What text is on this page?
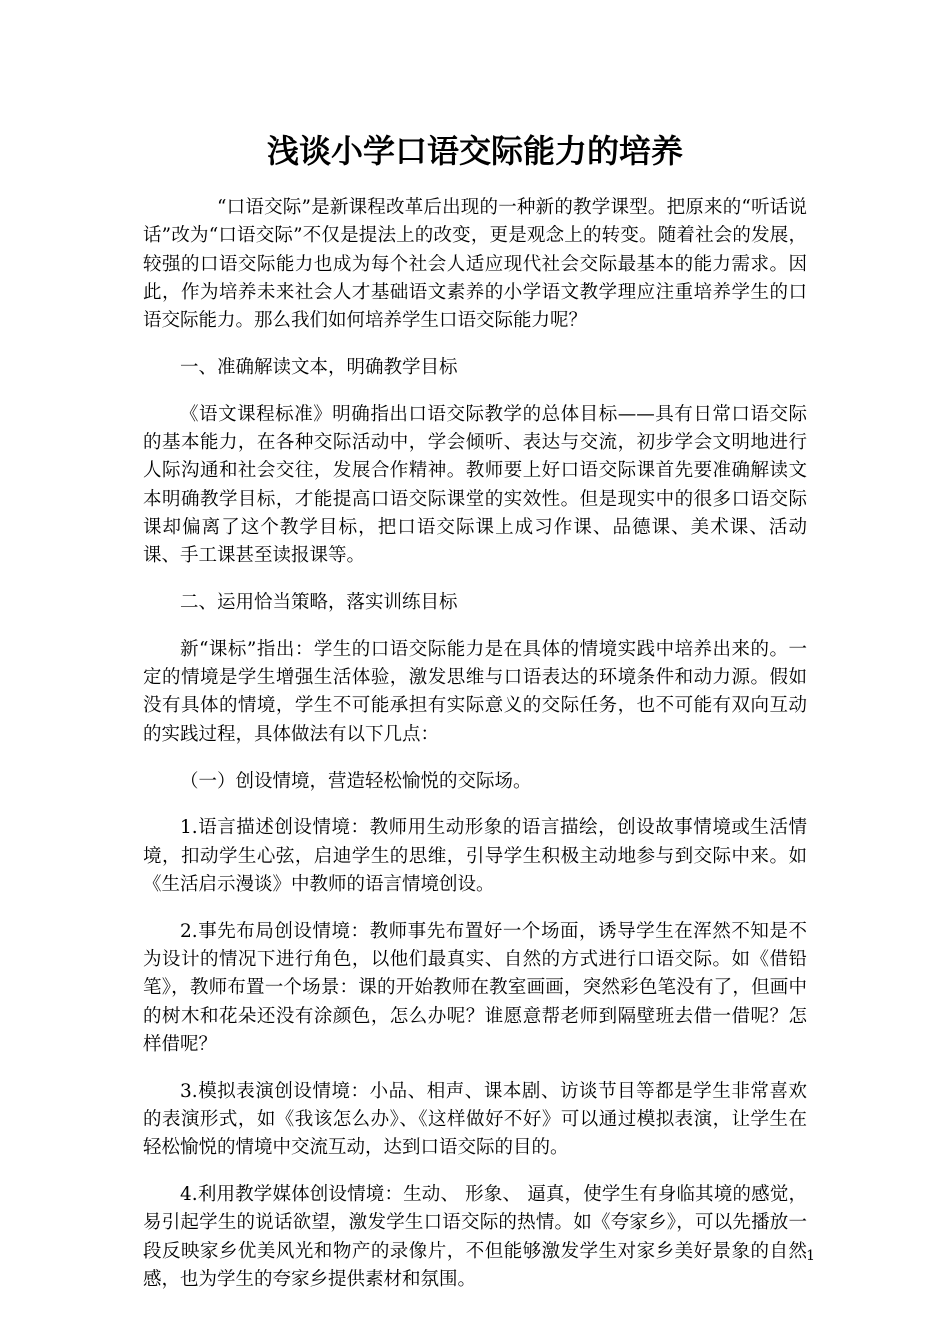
浅谈小学口语交际能力的培养

“口语交际”是新课程改革后出现的一种新的教学课型。把原来的“听话说话”改为“口语交际”不仅是提法上的改变，更是观念上的转变。随着社会的发展，较强的口语交际能力也成为每个社会人适应现代社会交际最基本的能力需求。因此，作为培养未来社会人才基础语文素养的小学语文教学理应注重培养学生的口语交际能力。那么我们如何培养学生口语交际能力呢？

一、准确解读文本，明确教学目标

《语文课程标准》明确指出口语交际教学的总体目标——具有日常口语交际的基本能力，在各种交际活动中，学会倾听、表达与交流，初步学会文明地进行人际沟通和社会交往，发展合作精神。教师要上好口语交际课首先要准确解读文本明确教学目标，才能提高口语交际课堂的实效性。但是现实中的很多口语交际课却偏离了这个教学目标，把口语交际课上成习作课、品德课、美术课、活动课、手工课甚至读报课等。

二、运用恰当策略，落实训练目标

新“课标”指出：学生的口语交际能力是在具体的情境实践中培养出来的。一定的情境是学生增强生活体验，激发思维与口语表达的环境条件和动力源。假如没有具体的情境，学生不可能承担有实际意义的交际任务，也不可能有双向互动的实践过程，具体做法有以下几点：

（一）创设情境，营造轻松愉悦的交际场。

1.语言描述创设情境：教师用生动形象的语言描绘，创设故事情境或生活情境，扣动学生心弦，启迪学生的思维，引导学生积极主动地参与到交际中来。如《生活启示漫谈》中教师的语言情境创设。

2.事先布局创设情境：教师事先布置好一个场面，诱导学生在浑然不知是不为设计的情况下进行角色，以他们最真实、自然的方式进行口语交际。如《借铅笔》，教师布置一个场景：课的开始教师在教室画画，突然彩色笔没有了，但画中的树木和花朵还没有涂颜色，怎么办呢？谁愿意帮老师到隔壁班去借一借呢？怎样借呢？

3.模拟表演创设情境：小品、相声、课本剧、访谈节目等都是学生非常喜欢的表演形式，如《我该怎么办》、《这样做好不好》可以通过模拟表演，让学生在轻松愉悦的情境中交流互动，达到口语交际的目的。

4.利用教学媒体创设情境：生动、 形象、 逼真，使学生有身临其境的感觉，易引起学生的说话欲望，激发学生口语交际的热情。如《夸家乡》，可以先播放一段反映家乡优美风光和物产的录像片，不但能够激发学生对家乡美好景象的自然感，也为学生的夸家乡提供素材和氛围。

1
